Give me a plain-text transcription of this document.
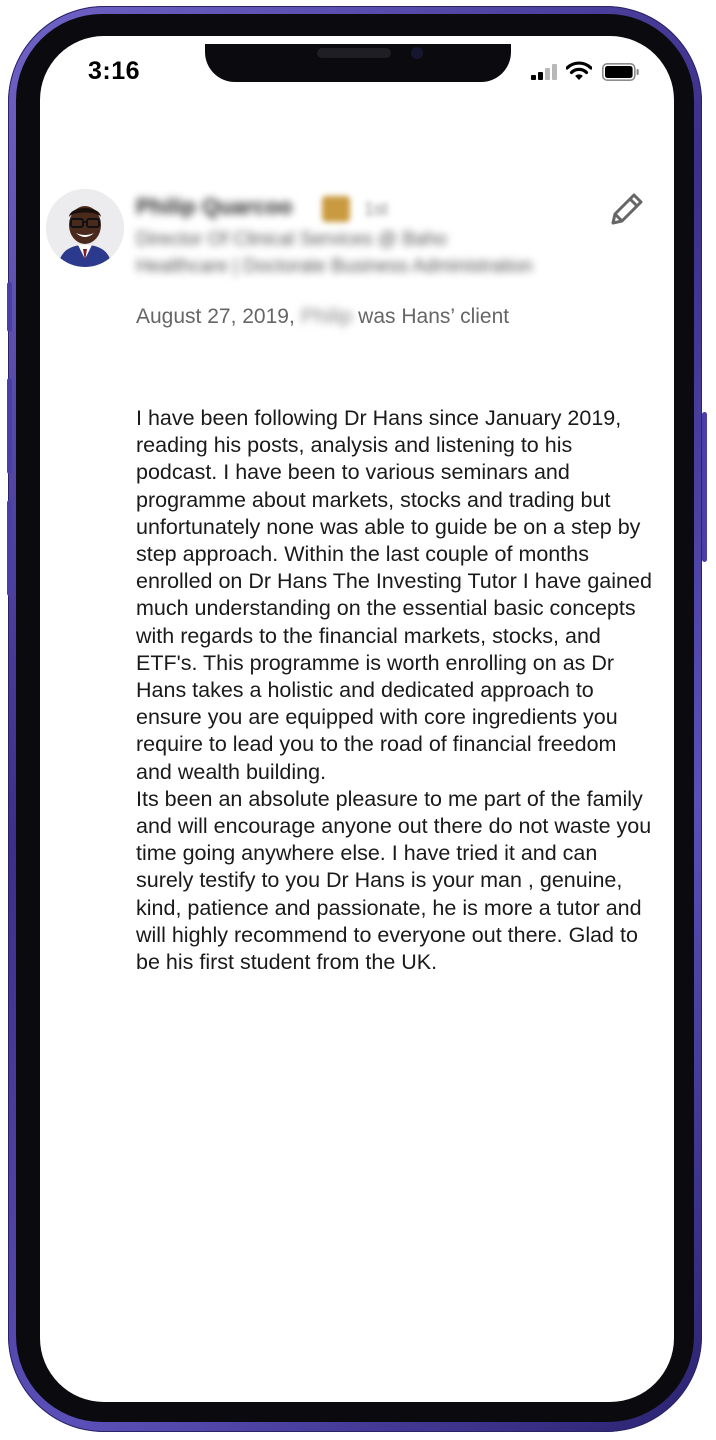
3:16
Philip Quarcoo	1st
Director Of Clinical Services @ Baho Healthcare | Doctorate Business Administration
August 27, 2019, Philip was Hans’ client

I have been following Dr Hans since January 2019, reading his posts, analysis and listening to his podcast. I have been to various seminars and programme about markets, stocks and trading but unfortunately none was able to guide be on a step by step approach. Within the last couple of months enrolled on Dr Hans The Investing Tutor I have gained much understanding on the essential basic concepts with regards to the financial markets, stocks, and ETF's. This programme is worth enrolling on as Dr Hans takes a holistic and dedicated approach to ensure you are equipped with core ingredients you require to lead you to the road of financial freedom and wealth building.

Its been an absolute pleasure to me part of the family and will encourage anyone out there do not waste you time going anywhere else. I have tried it and can surely testify to you Dr Hans is your man , genuine, kind, patience and passionate, he is more a tutor and will highly recommend to everyone out there. Glad to be his first student from the UK.
